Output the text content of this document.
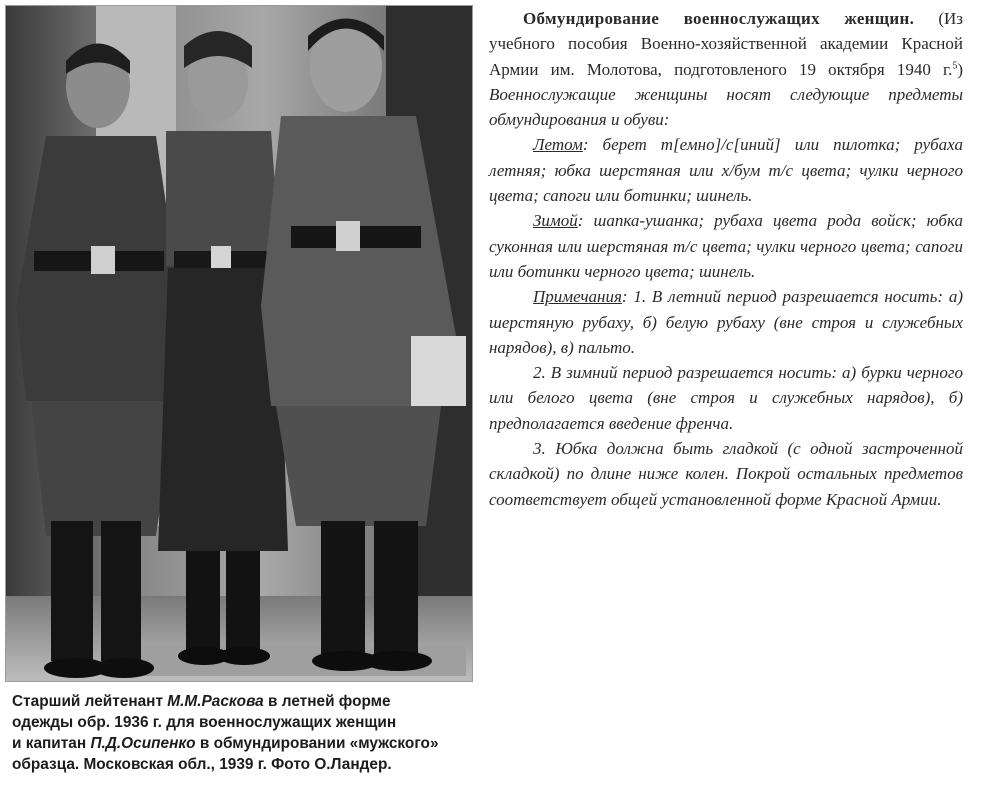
Старший лейтенант М.М.Раскова в летней форме
одежды обр. 1936 г. для военнослужащих женщин
и капитан П.Д.Осипенко в обмундировании «мужского»
образца. Московская обл., 1939 г. Фото О.Ландер.

Обмундирование военнослужащих женщин. (Из учебного пособия Военно-хозяйственной академии Красной Армии им. Молотова, подготовленого 19 октября 1940 г.$^5$) Военнослужащие женщины носят следующие предметы обмундирования и обуви:

Летом: берет т[емно]/с[иний] или пилотка; рубаха летняя; юбка шерстяная или х/бум т/с цвета; чулки черного цвета; сапоги или ботинки; шинель.

Зимой: шапка-ушанка; рубаха цвета рода войск; юбка суконная или шерстяная т/с цвета; чулки черного цвета; сапоги или ботинки черного цвета; шинель.

Примечания: 1. В летний период разрешается носить: а) шерстяную рубаху, б) белую рубаху (вне строя и служебных нарядов), в) пальто.

2. В зимний период разрешается носить: а) бурки черного или белого цвета (вне строя и служебных нарядов), б) предполагается введение френча.

3. Юбка должна быть гладкой (с одной застроченной складкой) по длине ниже колен. Покрой остальных предметов соответствует общей установленной форме Красной Армии.
